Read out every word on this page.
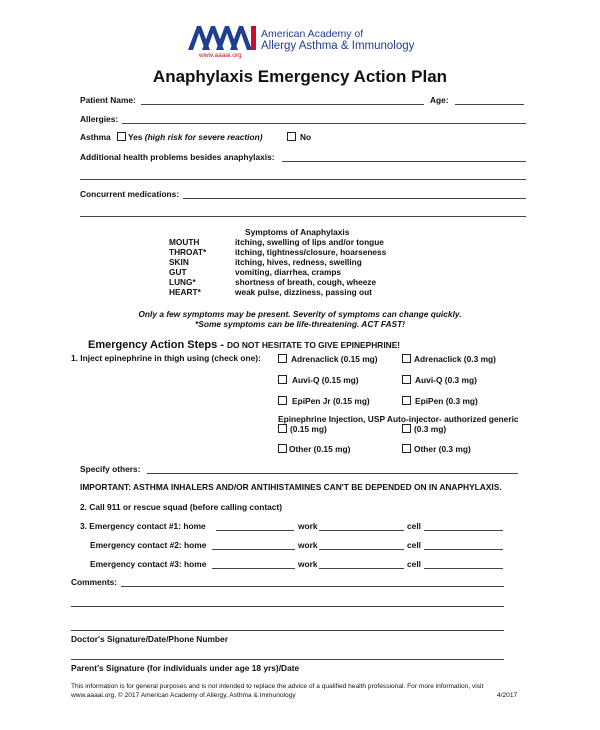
American Academy of
Allergy Asthma & Immunology
www.aaaai.org
Anaphylaxis Emergency Action Plan
Patient Name:	Age:
Allergies:
Asthma Yes (high risk for severe reaction)	No
Additional health problems besides anaphylaxis:
Concurrent medications:
Symptoms of Anaphylaxis
MOUTH	itching, swelling of lips and/or tongue
THROAT*	itching, tightness/closure, hoarseness
SKIN	itching, hives, redness, swelling
GUT	vomiting, diarrhea, cramps
LUNG*	shortness of breath, cough, wheeze
HEART*	weak pulse, dizziness, passing out
Only a few symptoms may be present. Severity of symptoms can change quickly.
*Some symptoms can be life-threatening. ACT FAST!
Emergency Action Steps - DO NOT HESITATE TO GIVE EPINEPHRINE!
1. Inject epinephrine in thigh using (check one):	Adrenaclick (0.15 mg)	Adrenaclick (0.3 mg)
Auvi-Q (0.15 mg)	Auvi-Q (0.3 mg)
EpiPen Jr (0.15 mg)	EpiPen (0.3 mg)
Epinephrine Injection, USP Auto-injector- authorized generic
(0.15 mg)	(0.3 mg)
Other (0.15 mg)	Other (0.3 mg)
Specify others:
IMPORTANT: ASTHMA INHALERS AND/OR ANTIHISTAMINES CAN'T BE DEPENDED ON IN ANAPHYLAXIS.
2. Call 911 or rescue squad (before calling contact)
3. Emergency contact #1: home	work	cell
Emergency contact #2: home	work	cell
Emergency contact #3: home	work	cell
Comments:
Doctor's Signature/Date/Phone Number
Parent's Signature (for individuals under age 18 yrs)/Date
This information is for general purposes and is not intended to replace the advice of a qualified health professional. For more information, visit
www.aaaai.org. © 2017 American Academy of Allergy, Asthma & Immunology	4/2017
